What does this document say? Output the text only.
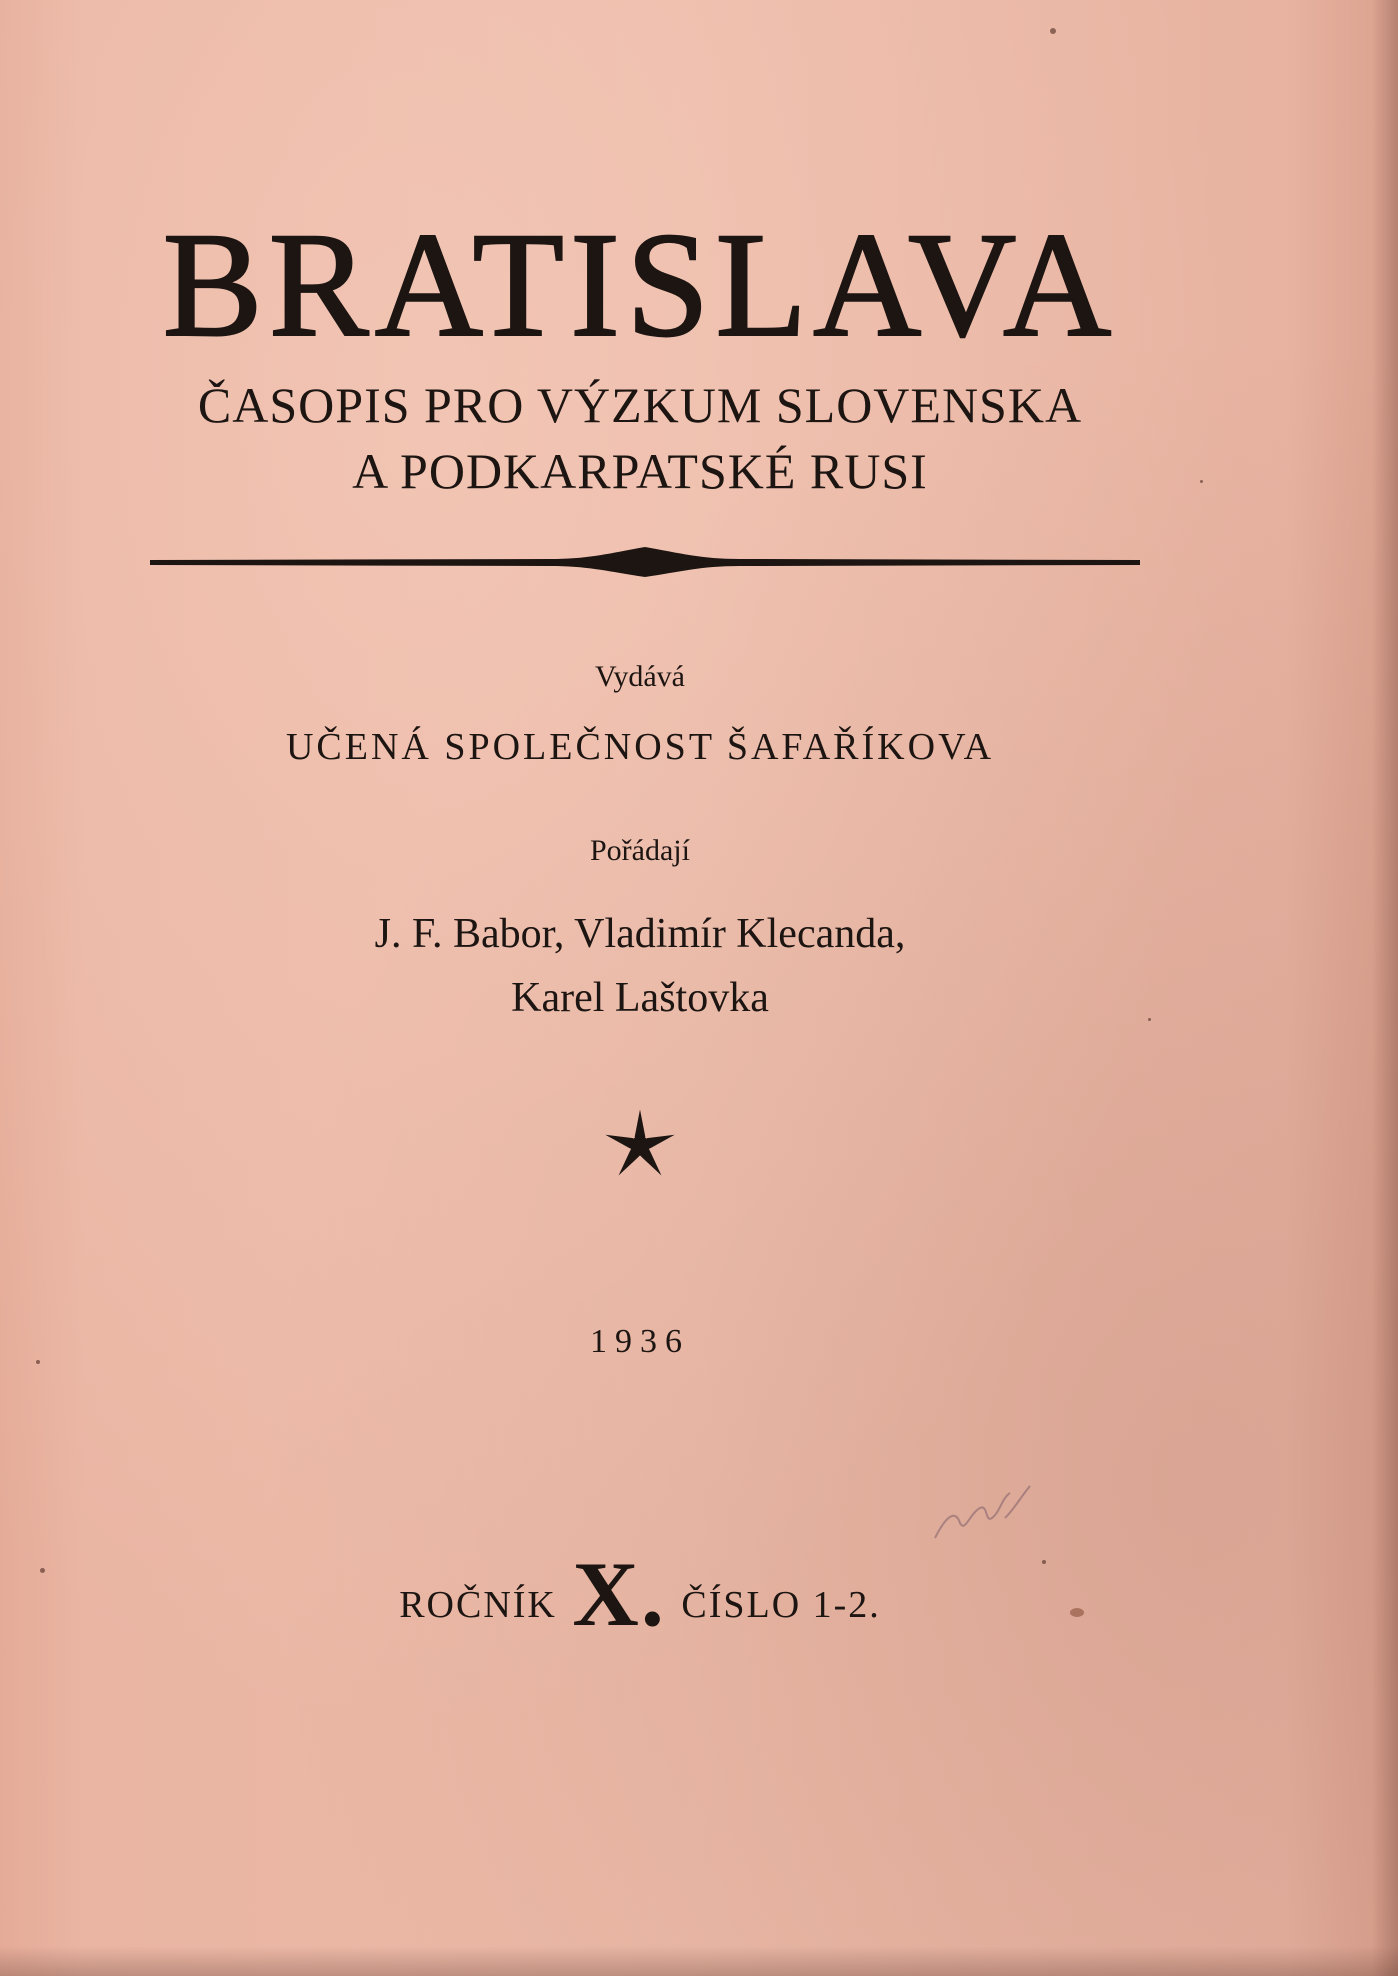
BRATISLAVA
ČASOPIS PRO VÝZKUM SLOVENSKA
A PODKARPATSKÉ RUSI
Vydává
UČENÁ SPOLEČNOST ŠAFAŘÍKOVA
Pořádají
J. F. Babor, Vladimír Klecanda,
Karel Laštovka
1936
ROČNÍK X. ČÍSLO 1-2.
